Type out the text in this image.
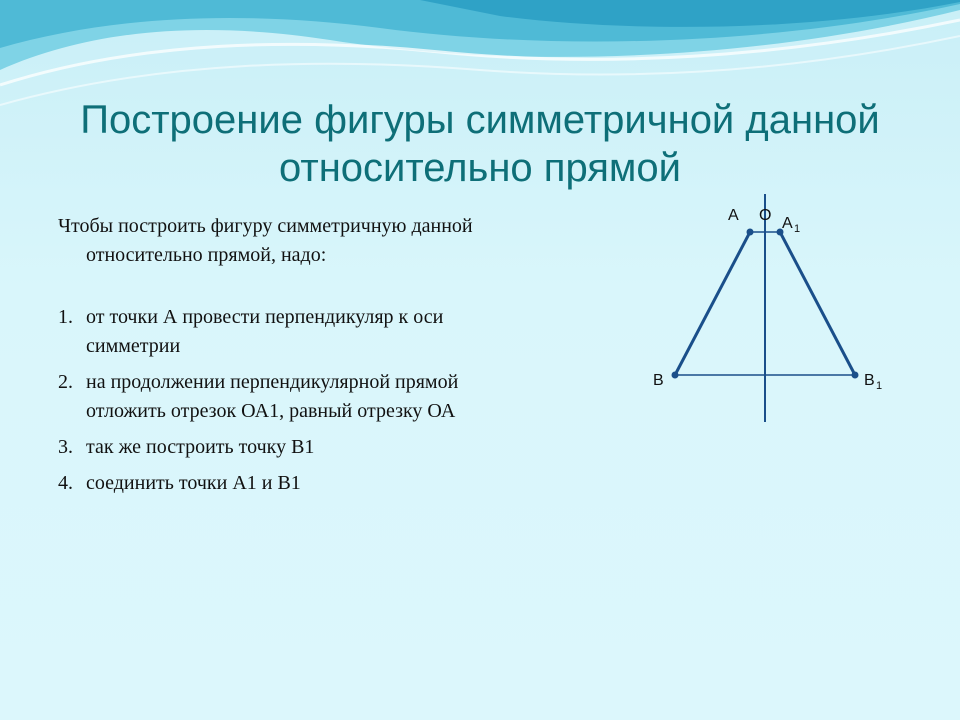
Построение фигуры симметричной данной
относительно прямой

Чтобы построить фигуру симметричную данной относительно прямой, надо:

1. от точки А провести перпендикуляр к оси симметрии
2. на продолжении перпендикулярной прямой отложить отрезок ОА1, равный отрезку ОА
3. так же построить точку В1
4. соединить точки А1 и В1
А О А 1
В	В 1
